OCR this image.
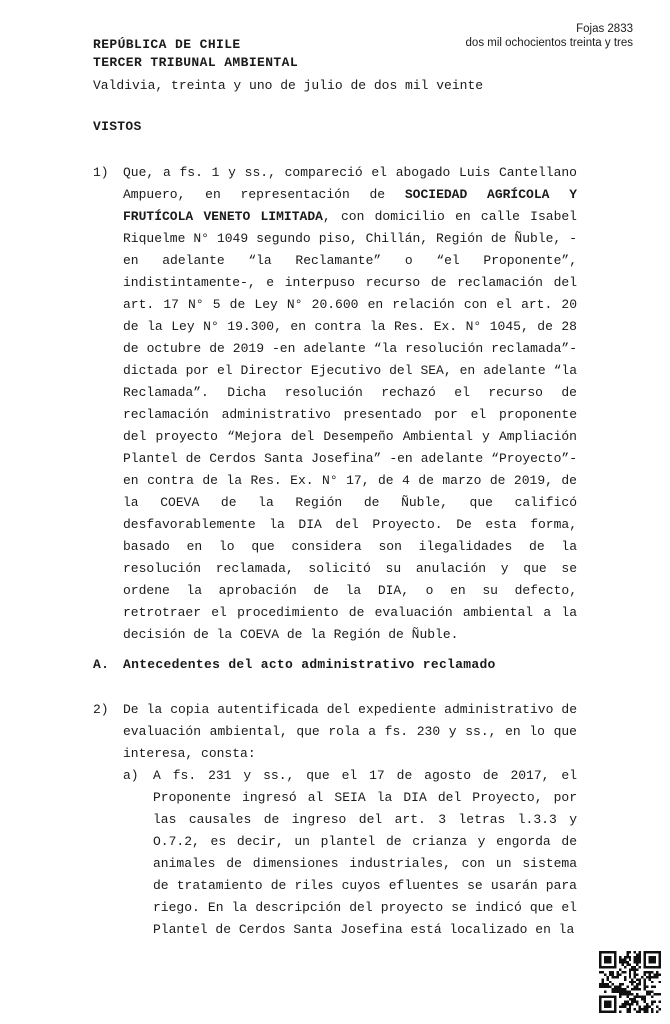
Fojas 2833
dos mil ochocientos treinta y tres
REPÚBLICA DE CHILE
TERCER TRIBUNAL AMBIENTAL
Valdivia, treinta y uno de julio de dos mil veinte
VISTOS
1)	Que, a fs. 1 y ss., compareció el abogado Luis Cantellano Ampuero, en representación de SOCIEDAD AGRÍCOLA Y FRUTÍCOLA VENETO LIMITADA, con domicilio en calle Isabel Riquelme N° 1049 segundo piso, Chillán, Región de Ñuble, -en adelante “la Reclamante” o “el Proponente”, indistintamente-, e interpuso recurso de reclamación del art. 17 N° 5 de Ley N° 20.600 en relación con el art. 20 de la Ley N° 19.300, en contra la Res. Ex. N° 1045, de 28 de octubre de 2019 -en adelante “la resolución reclamada”- dictada por el Director Ejecutivo del SEA, en adelante “la Reclamada”. Dicha resolución rechazó el recurso de reclamación administrativo presentado por el proponente del proyecto “Mejora del Desempeño Ambiental y Ampliación Plantel de Cerdos Santa Josefina” -en adelante “Proyecto”- en contra de la Res. Ex. N° 17, de 4 de marzo de 2019, de la COEVA de la Región de Ñuble, que calificó desfavorablemente la DIA del Proyecto. De esta forma, basado en lo que considera son ilegalidades de la resolución reclamada, solicitó su anulación y que se ordene la aprobación de la DIA, o en su defecto, retrotraer el procedimiento de evaluación ambiental a la decisión de la COEVA de la Región de Ñuble.
A.	Antecedentes del acto administrativo reclamado
2)	De la copia autentificada del expediente administrativo de evaluación ambiental, que rola a fs. 230 y ss., en lo que interesa, consta:
a)	A fs. 231 y ss., que el 17 de agosto de 2017, el Proponente ingresó al SEIA la DIA del Proyecto, por las causales de ingreso del art. 3 letras l.3.3 y O.7.2, es decir, un plantel de crianza y engorda de animales de dimensiones industriales, con un sistema de tratamiento de riles cuyos efluentes se usarán para riego. En la descripción del proyecto se indicó que el Plantel de Cerdos Santa Josefina está localizado en la
